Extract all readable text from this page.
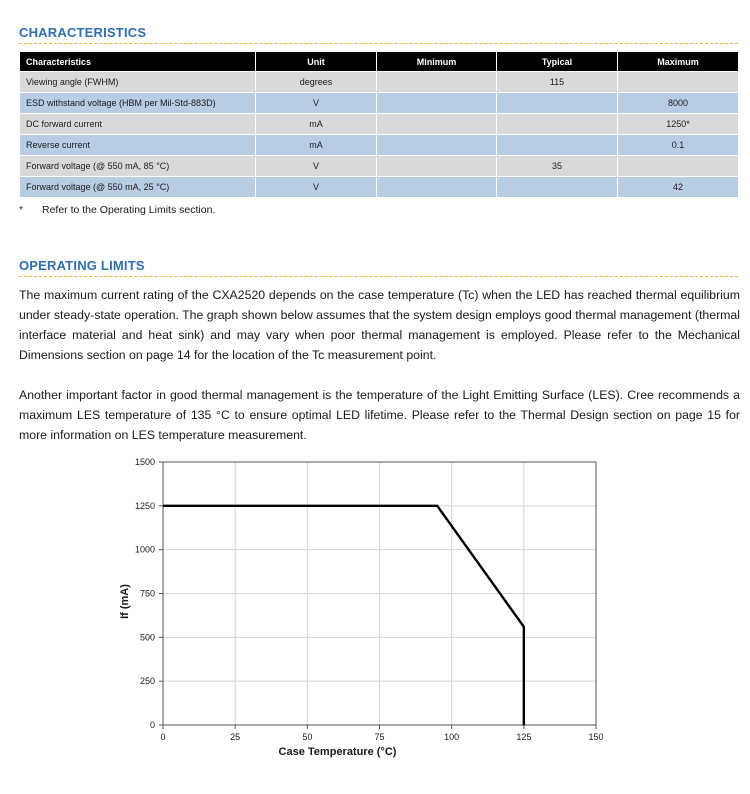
CHARACTERISTICS
Characteristics	Unit	Minimum	Typical	Maximum
Viewing angle (FWHM)	degrees		115	
ESD withstand voltage (HBM per Mil-Std-883D)	V			8000
DC forward current	mA			1250*
Reverse current	mA			0.1
Forward voltage (@ 550 mA, 85 °C)	V		35	
Forward voltage (@ 550 mA, 25 °C)	V			42
* Refer to the Operating Limits section.
OPERATING LIMITS

The maximum current rating of the CXA2520 depends on the case temperature (Tc) when the LED has reached thermal equilibrium under steady-state operation. The graph shown below assumes that the system design employs good thermal management (thermal interface material and heat sink) and may vary when poor thermal management is employed. Please refer to the Mechanical Dimensions section on page 14 for the location of the Tc measurement point.

Another important factor in good thermal management is the temperature of the Light Emitting Surface (LES). Cree recommends a maximum LES temperature of 135 °C to ensure optimal LED lifetime. Please refer to the Thermal Design section on page 15 for more information on LES temperature measurement.

0	25	50	75	100	125	150
0
250
500
750
1000
1250
1500
Case Temperature (°C)
If (mA)
